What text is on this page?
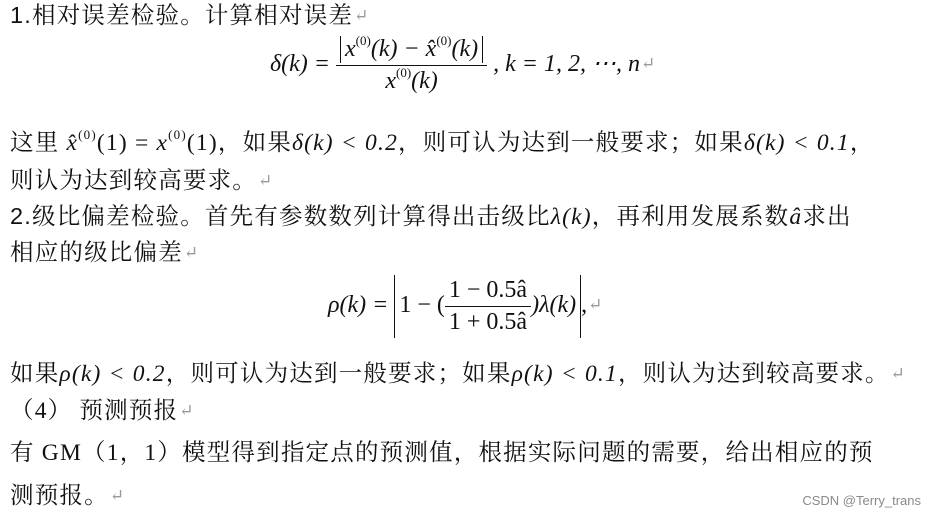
1.相对误差检验。计算相对误差↵
$\delta(k) = \frac{x^{(0)}(k) - x̂^{(0)}(k)}{x^{(0)}(k)}$ , k = 1, 2, ⋯, n↵
这里 x̂$^{(0)}$(1) = $x^{(0)}(1)$，如果δ(k) < 0.2，则可认为达到一般要求；如果δ(k) < 0.1，
则认为达到较高要求。↵
2.级比偏差检验。首先有参数数列计算得出击级比λ(k)，再利用发展系数â求出
相应的级比偏差↵
ρ(k) = 1 − ( $\frac{1 - 0.5â}{1 + 0.5â} )\lambda(k)$ ,↵
如果ρ(k) < 0.2，则可认为达到一般要求；如果ρ(k) < 0.1，则认为达到较高要求。↵
（4） 预测预报↵
有 GM（1，1）模型得到指定点的预测值，根据实际问题的需要，给出相应的预
测预报。↵	CSDN @Terry_trans
